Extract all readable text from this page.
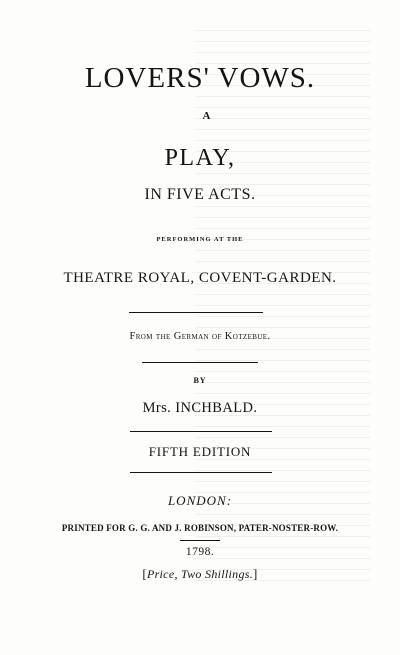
LOVERS' VOWS.
A
PLAY,
IN FIVE ACTS.
PERFORMING AT THE
THEATRE ROYAL, COVENT-GARDEN.
From the German of Kotzebue.
BY
Mrs. INCHBALD.
FIFTH EDITION
LONDON:
PRINTED FOR G. G. AND J. ROBINSON, PATER-NOSTER-ROW.
1798.
[Price, Two Shillings.]
